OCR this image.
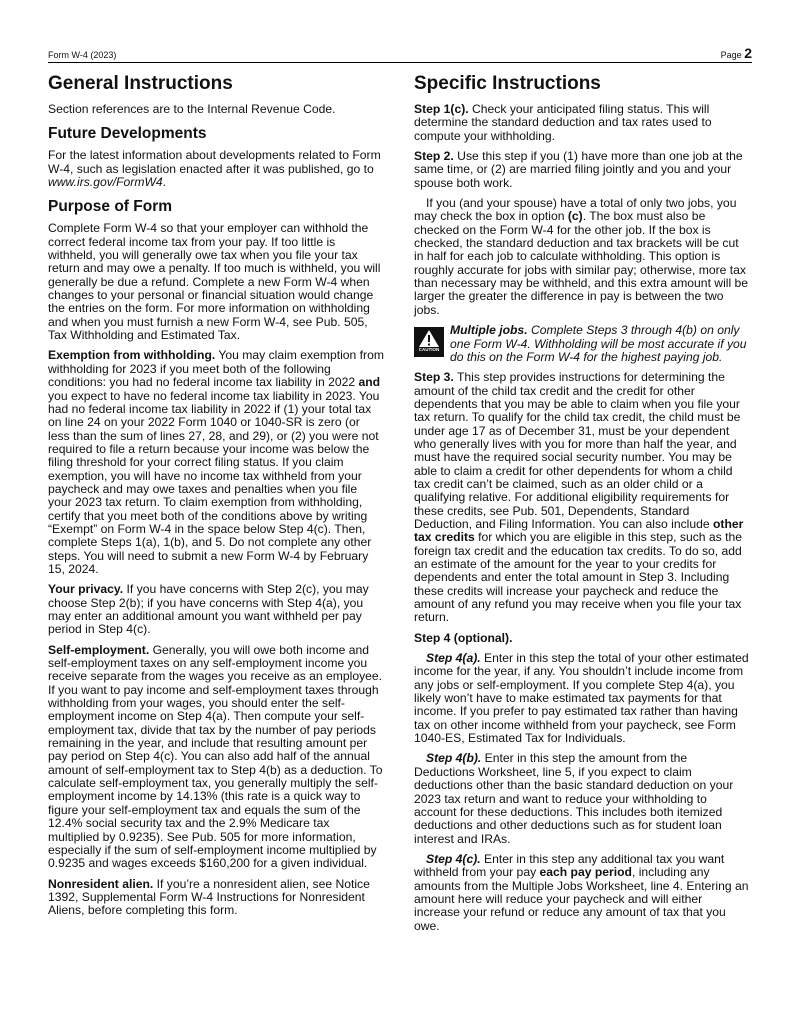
Form W-4 (2023)	Page 2
General Instructions

Section references are to the Internal Revenue Code.

Future Developments

For the latest information about developments related to Form W-4, such as legislation enacted after it was published, go to www.irs.gov/FormW4.

Purpose of Form

Complete Form W-4 so that your employer can withhold the correct federal income tax from your pay. If too little is withheld, you will generally owe tax when you file your tax return and may owe a penalty. If too much is withheld, you will generally be due a refund. Complete a new Form W-4 when changes to your personal or financial situation would change the entries on the form. For more information on withholding and when you must furnish a new Form W-4, see Pub. 505, Tax Withholding and Estimated Tax.

Exemption from withholding. You may claim exemption from withholding for 2023 if you meet both of the following conditions: you had no federal income tax liability in 2022 and you expect to have no federal income tax liability in 2023. You had no federal income tax liability in 2022 if (1) your total tax on line 24 on your 2022 Form 1040 or 1040-SR is zero (or less than the sum of lines 27, 28, and 29), or (2) you were not required to file a return because your income was below the filing threshold for your correct filing status. If you claim exemption, you will have no income tax withheld from your paycheck and may owe taxes and penalties when you file your 2023 tax return. To claim exemption from withholding, certify that you meet both of the conditions above by writing “Exempt” on Form W-4 in the space below Step 4(c). Then, complete Steps 1(a), 1(b), and 5. Do not complete any other steps. You will need to submit a new Form W-4 by February 15, 2024.

Your privacy. If you have concerns with Step 2(c), you may choose Step 2(b); if you have concerns with Step 4(a), you may enter an additional amount you want withheld per pay period in Step 4(c).

Self-employment. Generally, you will owe both income and self-employment taxes on any self-employment income you receive separate from the wages you receive as an employee. If you want to pay income and self-employment taxes through withholding from your wages, you should enter the self-employment income on Step 4(a). Then compute your self-employment tax, divide that tax by the number of pay periods remaining in the year, and include that resulting amount per pay period on Step 4(c). You can also add half of the annual amount of self-employment tax to Step 4(b) as a deduction. To calculate self-employment tax, you generally multiply the self-employment income by 14.13% (this rate is a quick way to figure your self-employment tax and equals the sum of the 12.4% social security tax and the 2.9% Medicare tax multiplied by 0.9235). See Pub. 505 for more information, especially if the sum of self-employment income multiplied by 0.9235 and wages exceeds $160,200 for a given individual.

Nonresident alien. If you’re a nonresident alien, see Notice 1392, Supplemental Form W-4 Instructions for Nonresident Aliens, before completing this form.

Specific Instructions

Step 1(c). Check your anticipated filing status. This will determine the standard deduction and tax rates used to compute your withholding.

Step 2. Use this step if you (1) have more than one job at the same time, or (2) are married filing jointly and you and your spouse both work.

If you (and your spouse) have a total of only two jobs, you may check the box in option (c). The box must also be checked on the Form W-4 for the other job. If the box is checked, the standard deduction and tax brackets will be cut in half for each job to calculate withholding. This option is roughly accurate for jobs with similar pay; otherwise, more tax than necessary may be withheld, and this extra amount will be larger the greater the difference in pay is between the two jobs.

CAUTION
Multiple jobs. Complete Steps 3 through 4(b) on only one Form W-4. Withholding will be most accurate if you do this on the Form W-4 for the highest paying job.

Step 3. This step provides instructions for determining the amount of the child tax credit and the credit for other dependents that you may be able to claim when you file your tax return. To qualify for the child tax credit, the child must be under age 17 as of December 31, must be your dependent who generally lives with you for more than half the year, and must have the required social security number. You may be able to claim a credit for other dependents for whom a child tax credit can’t be claimed, such as an older child or a qualifying relative. For additional eligibility requirements for these credits, see Pub. 501, Dependents, Standard Deduction, and Filing Information. You can also include other tax credits for which you are eligible in this step, such as the foreign tax credit and the education tax credits. To do so, add an estimate of the amount for the year to your credits for dependents and enter the total amount in Step 3. Including these credits will increase your paycheck and reduce the amount of any refund you may receive when you file your tax return.

Step 4 (optional).

Step 4(a). Enter in this step the total of your other estimated income for the year, if any. You shouldn’t include income from any jobs or self-employment. If you complete Step 4(a), you likely won’t have to make estimated tax payments for that income. If you prefer to pay estimated tax rather than having tax on other income withheld from your paycheck, see Form 1040-ES, Estimated Tax for Individuals.

Step 4(b). Enter in this step the amount from the Deductions Worksheet, line 5, if you expect to claim deductions other than the basic standard deduction on your 2023 tax return and want to reduce your withholding to account for these deductions. This includes both itemized deductions and other deductions such as for student loan interest and IRAs.

Step 4(c). Enter in this step any additional tax you want withheld from your pay each pay period, including any amounts from the Multiple Jobs Worksheet, line 4. Entering an amount here will reduce your paycheck and will either increase your refund or reduce any amount of tax that you owe.
